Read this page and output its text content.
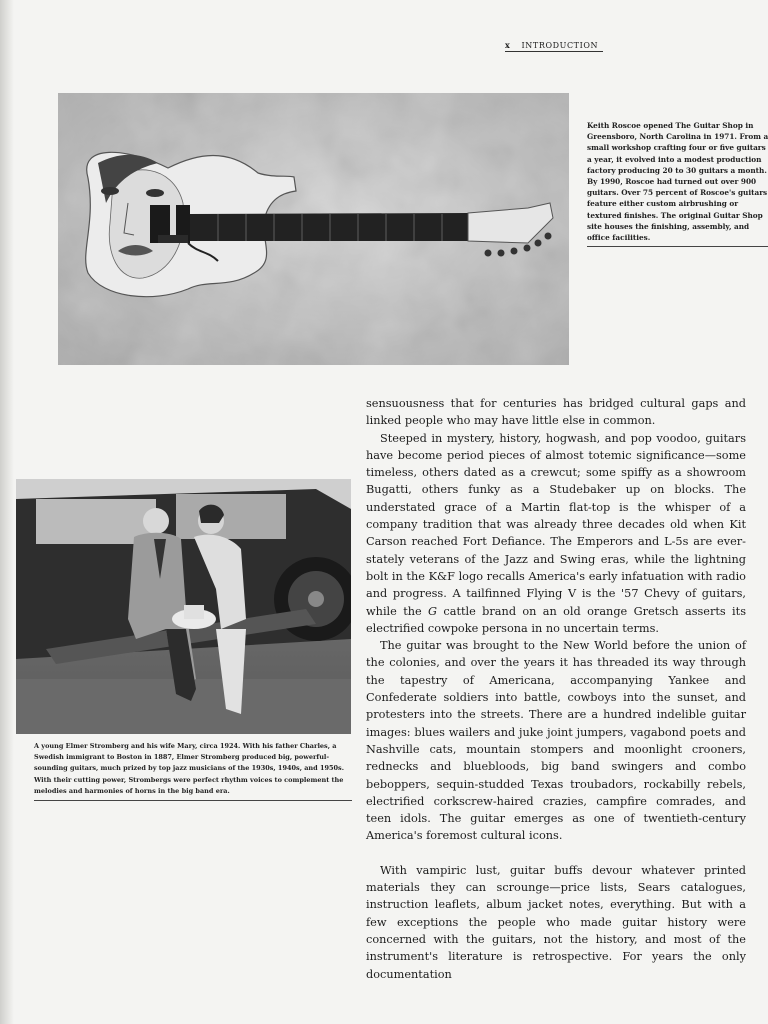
x INTRODUCTION
Keith Roscoe opened The Guitar Shop in Greensboro, North Carolina in 1971. From a small workshop crafting four or five guitars a year, it evolved into a modest production factory producing 20 to 30 guitars a month. By 1990, Roscoe had turned out over 900 guitars. Over 75 percent of Roscoe's guitars feature either custom airbrushing or textured finishes. The original Guitar Shop site houses the finishing, assembly, and office facilities.
A young Elmer Stromberg and his wife Mary, circa 1924. With his father Charles, a Swedish immigrant to Boston in 1887, Elmer Stromberg produced big, powerful-sounding guitars, much prized by top jazz musicians of the 1930s, 1940s, and 1950s. With their cutting power, Strombergs were perfect rhythm voices to complement the melodies and harmonies of horns in the big band era.

sensuousness that for centuries has bridged cultural gaps and linked people who may have little else in common.

Steeped in mystery, history, hogwash, and pop voodoo, guitars have become period pieces of almost totemic significance—some timeless, others dated as a crewcut; some spiffy as a showroom Bugatti, others funky as a Studebaker up on blocks. The understated grace of a Martin flat-top is the whisper of a company tradition that was already three decades old when Kit Carson reached Fort Defiance. The Emperors and L-5s are ever-stately veterans of the Jazz and Swing eras, while the lightning bolt in the K&F logo recalls America's early infatuation with radio and progress. A tailfinned Flying V is the '57 Chevy of guitars, while the G cattle brand on an old orange Gretsch asserts its electrified cowpoke persona in no uncertain terms.

The guitar was brought to the New World before the union of the colonies, and over the years it has threaded its way through the tapestry of Americana, accompanying Yankee and Confederate soldiers into battle, cowboys into the sunset, and protesters into the streets. There are a hundred indelible guitar images: blues wailers and juke joint jumpers, vagabond poets and Nashville cats, mountain stompers and moonlight crooners, rednecks and bluebloods, big band swingers and combo beboppers, sequin-studded Texas troubadors, rockabilly rebels, electrified corkscrew-haired crazies, campfire comrades, and teen idols. The guitar emerges as one of twentieth-century America's foremost cultural icons.

With vampiric lust, guitar buffs devour whatever printed materials they can scrounge—price lists, Sears catalogues, instruction leaflets, album jacket notes, everything. But with a few exceptions the people who made guitar history were concerned with the guitars, not the history, and most of the instrument's literature is retrospective. For years the only documentation
